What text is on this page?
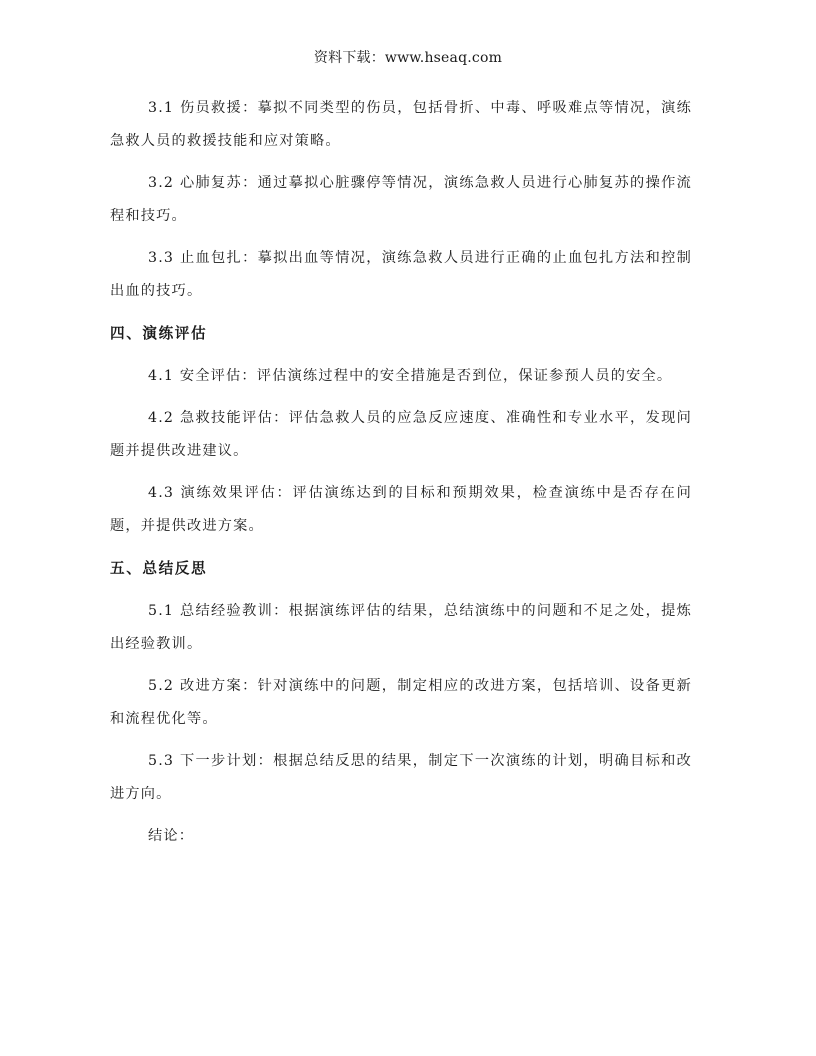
资料下载：www.hseaq.com

3.1 伤员救援：摹拟不同类型的伤员，包括骨折、中毒、呼吸难点等情况，演练急救人员的救援技能和应对策略。

3.2 心肺复苏：通过摹拟心脏骤停等情况，演练急救人员进行心肺复苏的操作流程和技巧。

3.3 止血包扎：摹拟出血等情况，演练急救人员进行正确的止血包扎方法和控制出血的技巧。

四、演练评估

4.1 安全评估：评估演练过程中的安全措施是否到位，保证参预人员的安全。

4.2 急救技能评估：评估急救人员的应急反应速度、准确性和专业水平，发现问题并提供改进建议。

4.3 演练效果评估：评估演练达到的目标和预期效果，检查演练中是否存在问题，并提供改进方案。

五、总结反思

5.1 总结经验教训：根据演练评估的结果，总结演练中的问题和不足之处，提炼出经验教训。

5.2 改进方案：针对演练中的问题，制定相应的改进方案，包括培训、设备更新和流程优化等。

5.3 下一步计划：根据总结反思的结果，制定下一次演练的计划，明确目标和改进方向。

结论：
